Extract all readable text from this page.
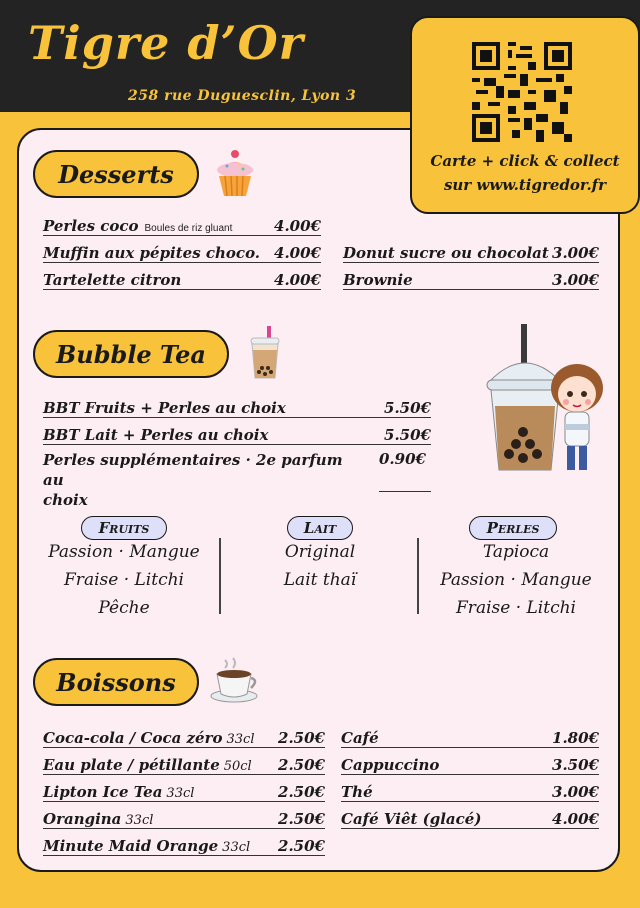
Tigre d’Or
258 rue Duguesclin, Lyon 3
Desserts
Perles coco Boules de riz gluant	4.00€
Muffin aux pépites choco. 4.00€
Tartelette citron	4.00€
Donut sucre ou chocolat 3.00€
Brownie	3.00€
Bubble Tea
BBT Fruits + Perles au choix	5.50€
BBT Lait + Perles au choix	5.50€
Perles supplémentaires · 2e parfum au
choix
0.90€
Fruits
Passion · Mangue
Fraise · Litchi
Pêche
Lait
Original
Lait thaï
Perles
Tapioca
Passion · Mangue
Fraise · Litchi
Boissons
Coca-cola / Coca zéro 33cl	2.50€
Eau plate / pétillante 50cl	2.50€
Lipton Ice Tea 33cl	2.50€
Orangina 33cl	2.50€
Minute Maid Orange 33cl	2.50€
Café	1.80€
Cappuccino	3.50€
Thé	3.00€
Café Viêt (glacé)	4.00€
Carte + click & collect
sur www.tigredor.fr
